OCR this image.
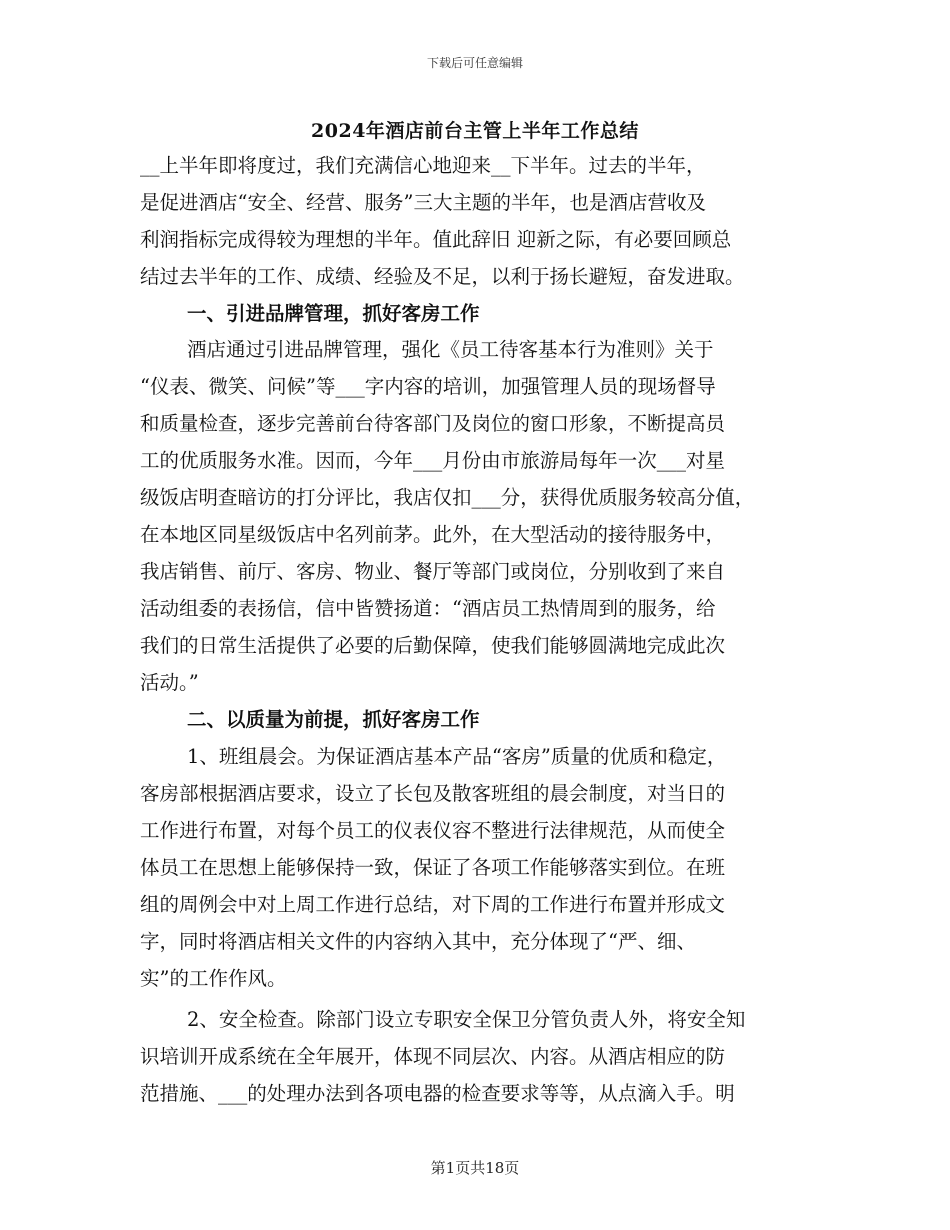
下载后可任意编辑
2024年酒店前台主管上半年工作总结
__上半年即将度过，我们充满信心地迎来__下半年。过去的半年，
是促进酒店“安全、经营、服务”三大主题的半年，也是酒店营收及
利润指标完成得较为理想的半年。值此辞旧 迎新之际，有必要回顾总
结过去半年的工作、成绩、经验及不足，以利于扬长避短，奋发进取。
一、引进品牌管理，抓好客房工作
酒店通过引进品牌管理，强化《员工待客基本行为准则》关于
“仪表、微笑、问候”等___字内容的培训，加强管理人员的现场督导
和质量检查，逐步完善前台待客部门及岗位的窗口形象，不断提高员
工的优质服务水准。因而，今年___月份由市旅游局每年一次___对星
级饭店明查暗访的打分评比，我店仅扣___分，获得优质服务较高分值，
在本地区同星级饭店中名列前茅。此外，在大型活动的接待服务中，
我店销售、前厅、客房、物业、餐厅等部门或岗位，分别收到了来自
活动组委的表扬信，信中皆赞扬道：“酒店员工热情周到的服务，给
我们的日常生活提供了必要的后勤保障，使我们能够圆满地完成此次
活动。”
二、以质量为前提，抓好客房工作
1、班组晨会。为保证酒店基本产品“客房”质量的优质和稳定，
客房部根据酒店要求，设立了长包及散客班组的晨会制度，对当日的
工作进行布置，对每个员工的仪表仪容不整进行法律规范，从而使全
体员工在思想上能够保持一致，保证了各项工作能够落实到位。在班
组的周例会中对上周工作进行总结，对下周的工作进行布置并形成文
字，同时将酒店相关文件的内容纳入其中，充分体现了“严、细、
实”的工作作风。
2、安全检查。除部门设立专职安全保卫分管负责人外，将安全知
识培训开成系统在全年展开，体现不同层次、内容。从酒店相应的防
范措施、___的处理办法到各项电器的检查要求等等，从点滴入手。明
第1页共18页
